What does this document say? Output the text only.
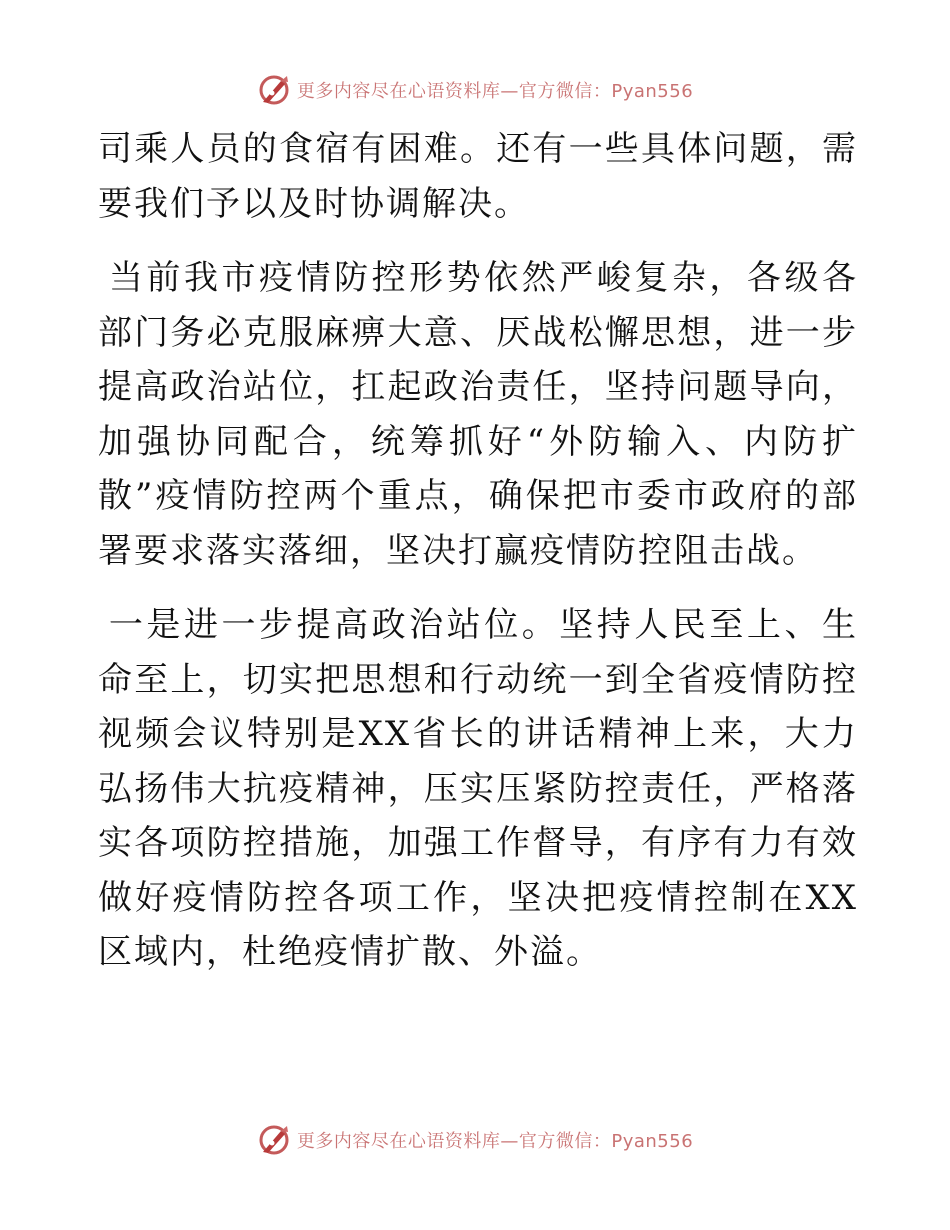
更多内容尽在心语资料库—官方微信：Pyan556

司乘人员的食宿有困难。还有一些具体问题，需要我们予以及时协调解决。

当前我市疫情防控形势依然严峻复杂，各级各部门务必克服麻痹大意、厌战松懈思想，进一步提高政治站位，扛起政治责任，坚持问题导向，加强协同配合，统筹抓好“外防输入、内防扩散”疫情防控两个重点，确保把市委市政府的部署要求落实落细，坚决打赢疫情防控阻击战。

一是进一步提高政治站位。坚持人民至上、生命至上，切实把思想和行动统一到全省疫情防控视频会议特别是XX省长的讲话精神上来，大力弘扬伟大抗疫精神，压实压紧防控责任，严格落实各项防控措施，加强工作督导，有序有力有效做好疫情防控各项工作，坚决把疫情控制在XX区域内，杜绝疫情扩散、外溢。

更多内容尽在心语资料库—官方微信：Pyan556
